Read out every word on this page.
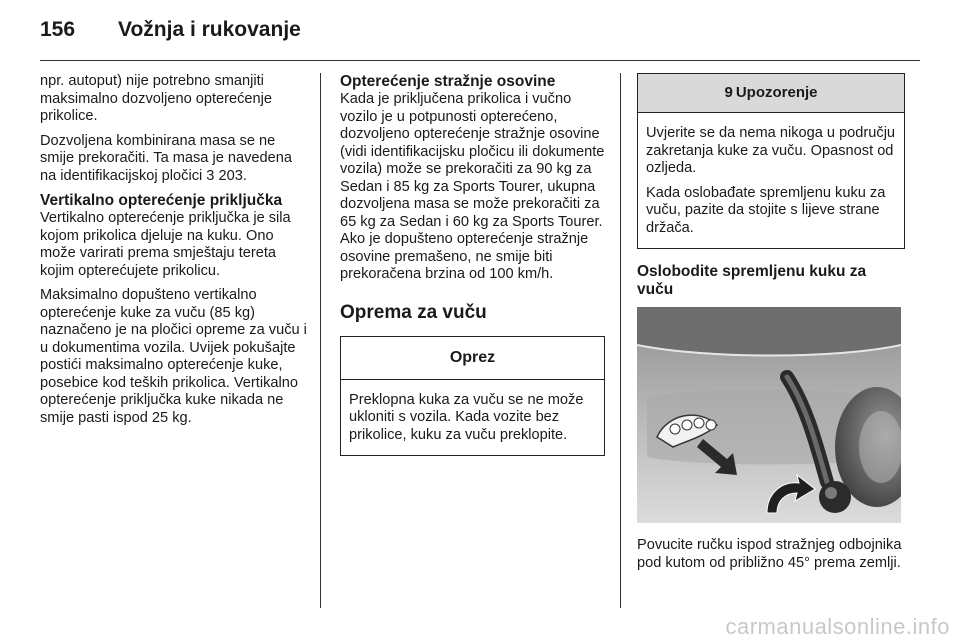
156	Vožnja i rukovanje

npr. autoput) nije potrebno smanjiti maksimalno dozvoljeno opterećenje prikolice.

Dozvoljena kombinirana masa se ne smije prekoračiti. Ta masa je navedena na identifikacijskoj pločici 3 203.

Vertikalno opterećenje priključka

Vertikalno opterećenje priključka je sila kojom prikolica djeluje na kuku. Ono može varirati prema smještaju tereta kojim opterećujete prikolicu.

Maksimalno dopušteno vertikalno opterećenje kuke za vuču (85 kg) naznačeno je na pločici opreme za vuču i u dokumentima vozila. Uvijek pokušajte postići maksimalno opterećenje kuke, posebice kod teških prikolica. Vertikalno opterećenje priključka kuke nikada ne smije pasti ispod 25 kg.

Opterećenje stražnje osovine

Kada je priključena prikolica i vučno vozilo je u potpunosti opterećeno, dozvoljeno opterećenje stražnje osovine (vidi identifikacijsku pločicu ili dokumente vozila) može se prekoračiti za 90 kg za Sedan i 85 kg za Sports Tourer, ukupna dozvoljena masa se može prekoračiti za 65 kg za Sedan i 60 kg za Sports Tourer. Ako je dopušteno opterećenje stražnje osovine premašeno, ne smije biti prekoračena brzina od 100 km/h.

Oprema za vuču
Oprez

Preklopna kuka za vuču se ne može ukloniti s vozila. Kada vozite bez prikolice, kuku za vuču preklopite.

9 Upozorenje

Uvjerite se da nema nikoga u području zakretanja kuke za vuču. Opasnost od ozljeda.

Kada oslobađate spremljenu kuku za vuču, pazite da stojite s lijeve strane držača.

Oslobodite spremljenu kuku za vuču

Povucite ručku ispod stražnjeg odbojnika pod kutom od približno 45° prema zemlji.

carmanualsonline.info
